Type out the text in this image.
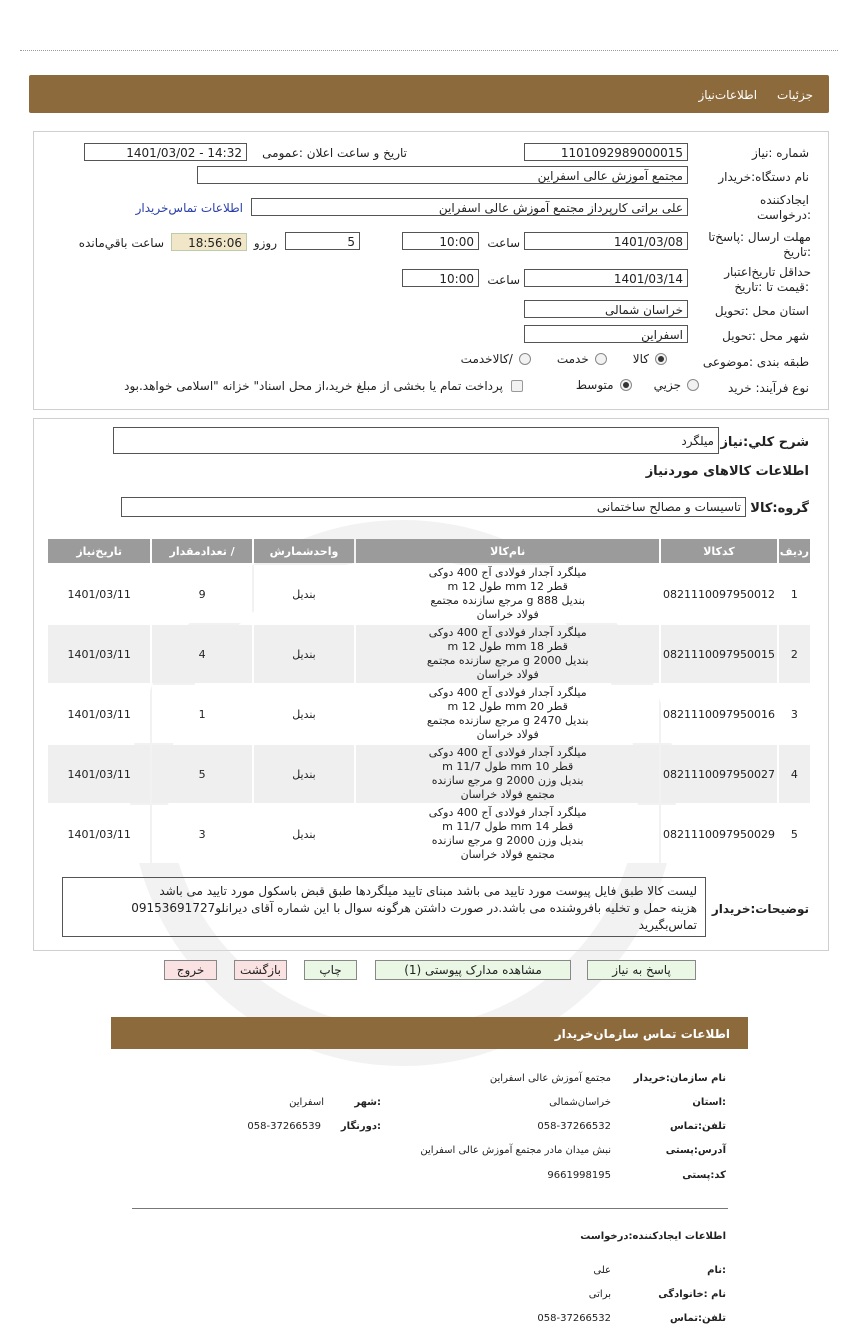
جزئیات
اطلاعات‌نیاز
شماره :نیاز
1101092989000015
تاریخ و ساعت اعلان :عمومی
1401/03/02 - 14:32
نام دستگاه:خریدار
مجتمع آموزش عالی اسفراین
ایجادکننده
:درخواست
علی براتی کارپرداز مجتمع آموزش عالی اسفراین
اطلاعات تماس‌خریدار
مهلت ارسال :پاسخ‌تا
:تاریخ
1401/03/08
ساعت
10:00
5
روزو
18:56:06
ساعت باقي‌مانده
حداقل تاریخ‌اعتبار
:قیمت تا :تاریخ
1401/03/14
ساعت
10:00
استان محل :تحویل
خراسان شمالی
شهر محل :تحویل
اسفراین
طبقه بندی :موضوعی
کالا
خدمت
/کالاخدمت
نوع فرآیند: خرید
جزیي
متوسط
پرداخت تمام یا بخشی از مبلغ خرید،از محل اسناد" خزانه "اسلامی خواهد.بود
شرح کلي:نياز
میلگرد
اطلاعات کالاهای موردنیاز
گروه:کالا
تاسیسات و مصالح ساختمانی
ردیف	کدکالا	نام‌کالا	واحدشمارش	/ تعدادمقدار	تاریخ‌نیاز
1	0821110097950012	میلگرد آجدار فولادی آج 400 دوکی
قطر mm 12 طول m 12
بندیل g 888 مرجع سازنده مجتمع
فولاد خراسان	بندیل	9	1401/03/11
2	0821110097950015	میلگرد آجدار فولادی آج 400 دوکی
قطر mm 18 طول m 12
بندیل g 2000 مرجع سازنده مجتمع
فولاد خراسان	بندیل	4	1401/03/11
3	0821110097950016	میلگرد آجدار فولادی آج 400 دوکی
قطر mm 20 طول m 12
بندیل g 2470 مرجع سازنده مجتمع
فولاد خراسان	بندیل	1	1401/03/11
4	0821110097950027	میلگرد آجدار فولادی آج 400 دوکی
قطر mm 10 طول m 11/7
بندیل وزن g 2000 مرجع سازنده
مجتمع فولاد خراسان	بندیل	5	1401/03/11
5	0821110097950029	میلگرد آجدار فولادی آج 400 دوکی
قطر mm 14 طول m 11/7
بندیل وزن g 2000 مرجع سازنده
مجتمع فولاد خراسان	بندیل	3	1401/03/11
توضیحات:خریدار
لیست کالا طبق فایل پیوست مورد تایید می باشد مبنای تایید میلگردها طبق قبض باسکول مورد تایید می باشد
هزینه حمل و تخلیه بافروشنده می باشد.در صورت داشتن هرگونه سوال با این شماره آقای دیرانلو09153691727
تماس‌بگیرید
پاسخ به نیاز
مشاهده مدارک پیوستی (1)
چاپ
بازگشت
خروج
اطلاعات تماس سازمان‌خریدار
نام سازمان:خریدار
مجتمع آموزش عالی اسفراین
:استان
خراسان‌شمالی
:شهر
اسفراین
تلفن:تماس
058-37266532
:دورنگار
058-37266539
آدرس:پستی
نبش میدان مادر مجتمع آموزش عالی اسفراین
کد:پستی
9661998195
اطلاعات ایجادکننده:درخواست
:نام
علی
نام :خانوادگی
براتی
تلفن:تماس
058-37266532
